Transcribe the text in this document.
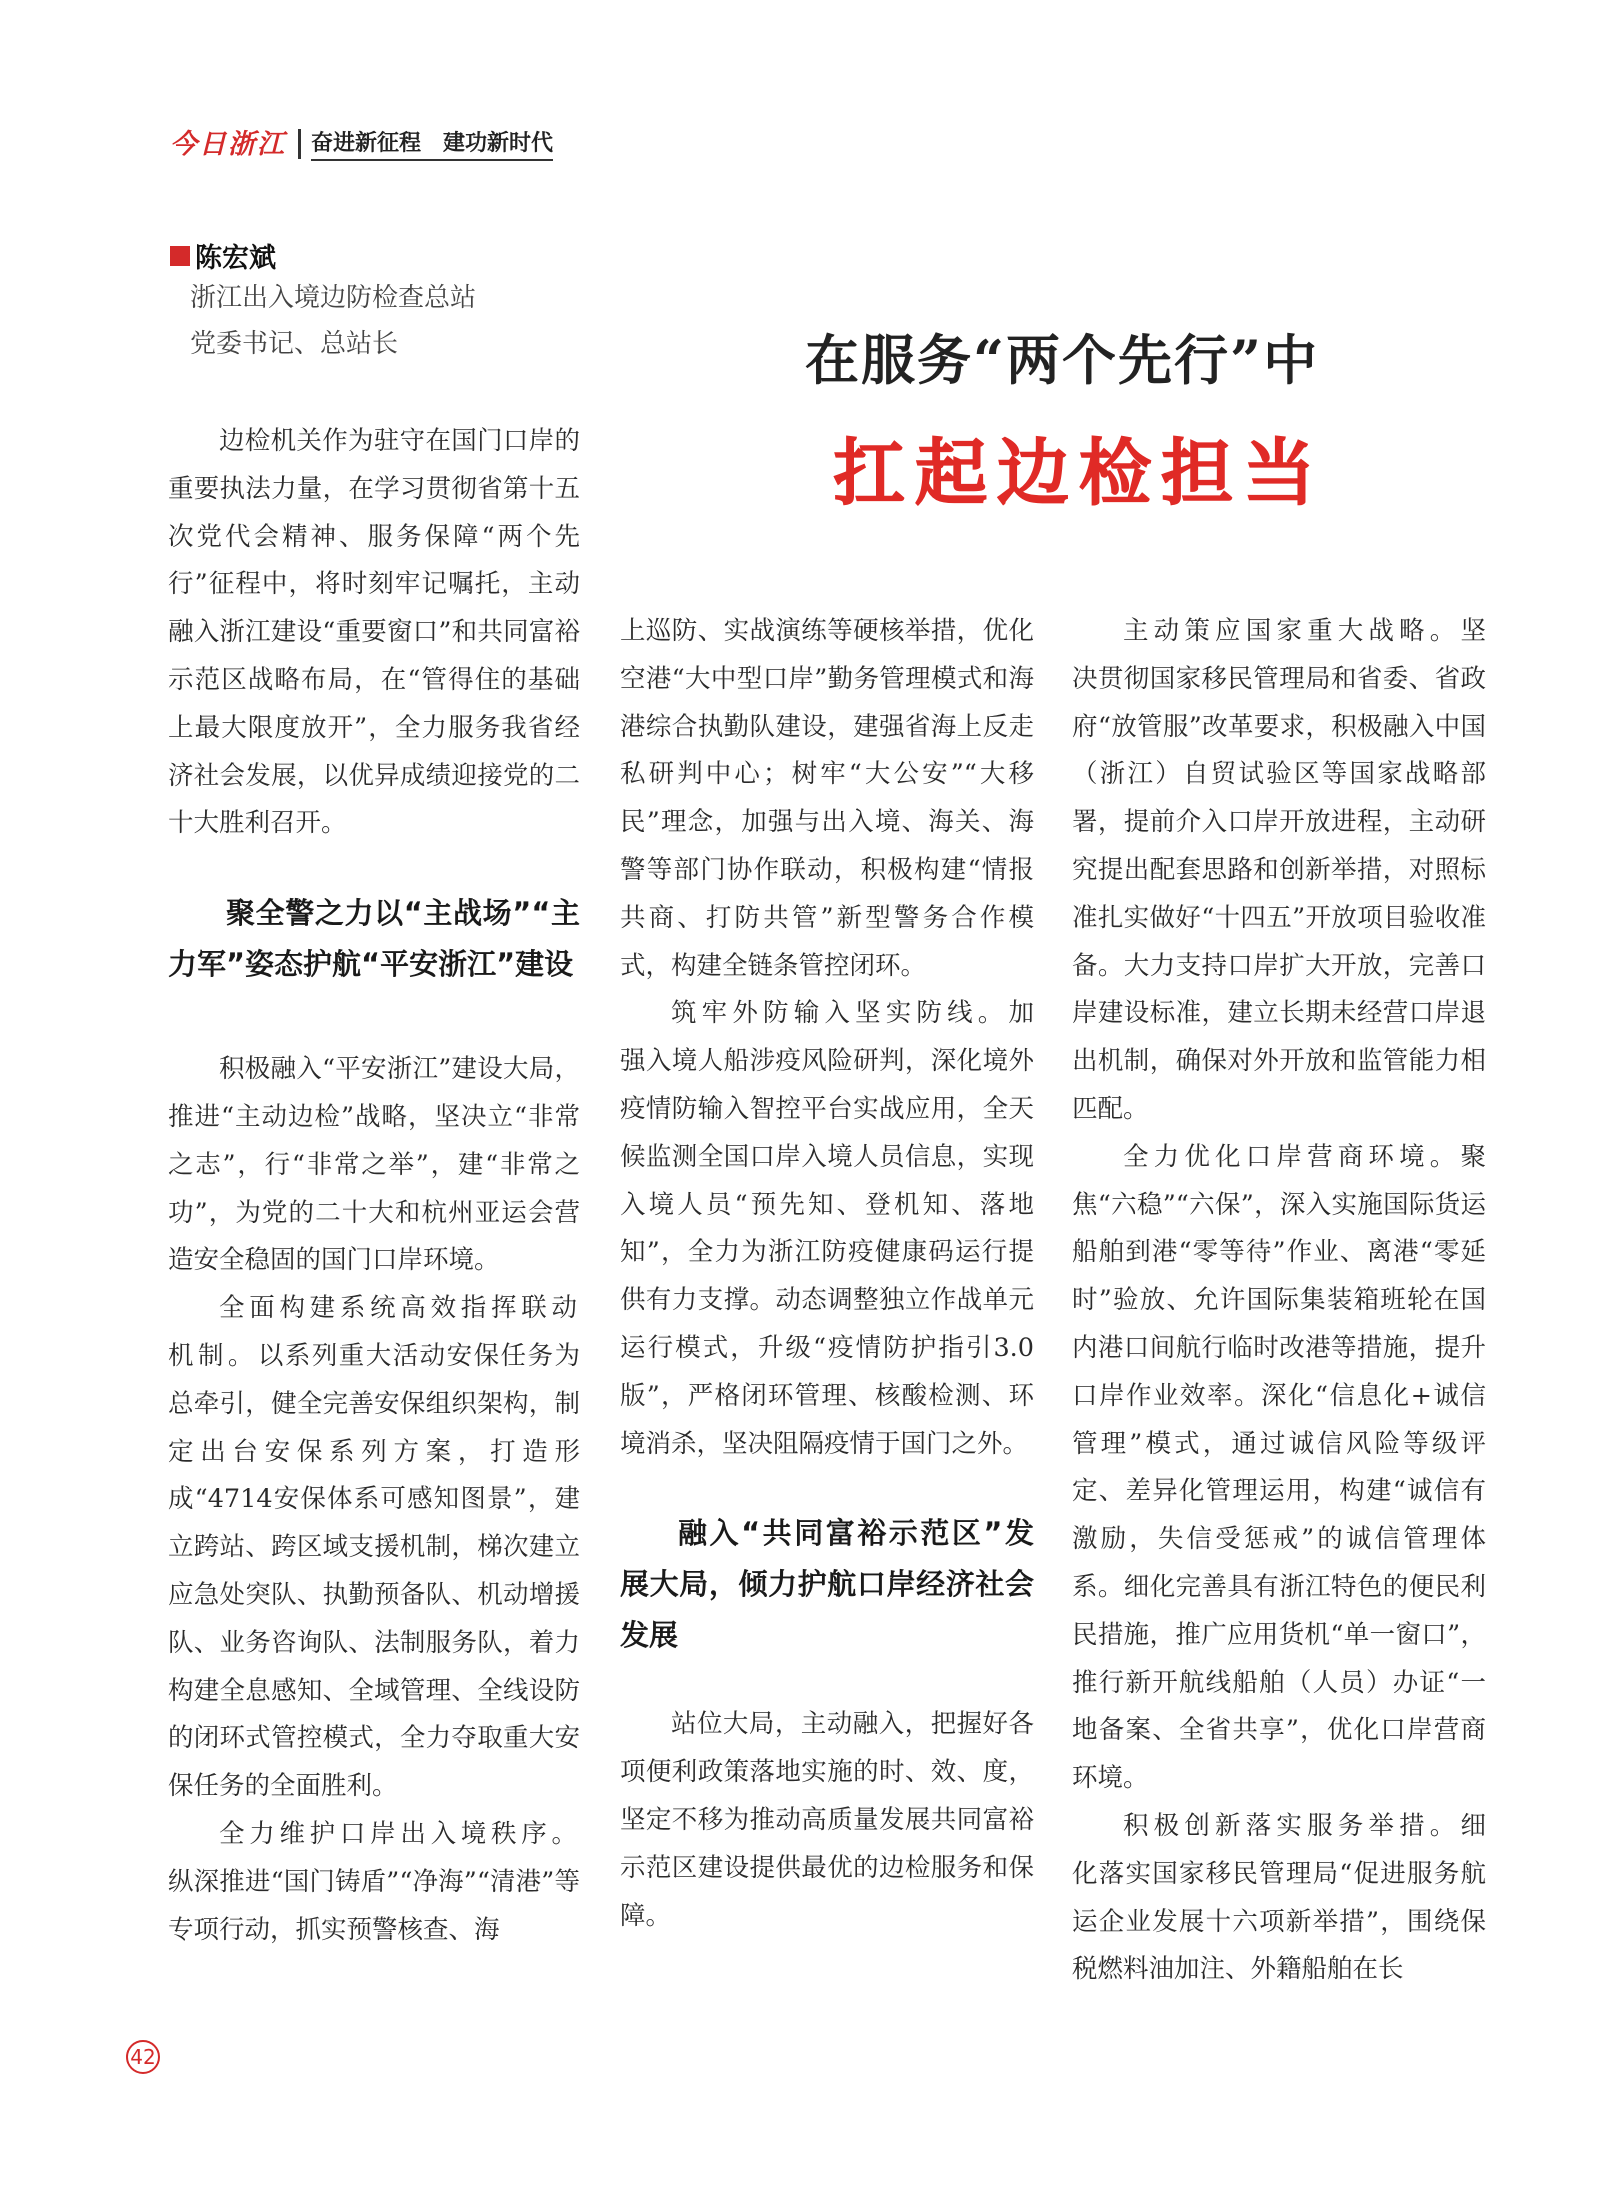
今日浙江 奋进新征程 建功新时代
陈宏斌
浙江出入境边防检查总站
党委书记、总站长	在服务“两个先行”中
扛起边检担当

边检机关作为驻守在国门口岸的重要执法力量，在学习贯彻省第十五次党代会精神、服务保障“两个先行”征程中，将时刻牢记嘱托，主动融入浙江建设“重要窗口”和共同富裕示范区战略布局，在“管得住的基础上最大限度放开”，全力服务我省经济社会发展，以优异成绩迎接党的二十大胜利召开。

聚全警之力以“主战场”“主力军”姿态护航“平安浙江”建设

积极融入“平安浙江”建设大局，推进“主动边检”战略，坚决立“非常之志”，行“非常之举”，建“非常之功”，为党的二十大和杭州亚运会营造安全稳固的国门口岸环境。

全面构建系统高效指挥联动机制。以系列重大活动安保任务为总牵引，健全完善安保组织架构，制定出台安保系列方案，打造形成“4714安保体系可感知图景”，建立跨站、跨区域支援机制，梯次建立应急处突队、执勤预备队、机动增援队、业务咨询队、法制服务队，着力构建全息感知、全域管理、全线设防的闭环式管控模式，全力夺取重大安保任务的全面胜利。

全力维护口岸出入境秩序。纵深推进“国门铸盾”“净海”“清港”等专项行动，抓实预警核查、海

上巡防、实战演练等硬核举措，优化空港“大中型口岸”勤务管理模式和海港综合执勤队建设，建强省海上反走私研判中心；树牢“大公安”“大移民”理念，加强与出入境、海关、海警等部门协作联动，积极构建“情报共商、打防共管”新型警务合作模式，构建全链条管控闭环。

筑牢外防输入坚实防线。加强入境人船涉疫风险研判，深化境外疫情防输入智控平台实战应用，全天候监测全国口岸入境人员信息，实现入境人员“预先知、登机知、落地知”，全力为浙江防疫健康码运行提供有力支撑。动态调整独立作战单元运行模式，升级“疫情防护指引3.0版”，严格闭环管理、核酸检测、环境消杀，坚决阻隔疫情于国门之外。

融入“共同富裕示范区”发展大局，倾力护航口岸经济社会发展

站位大局，主动融入，把握好各项便利政策落地实施的时、效、度，坚定不移为推动高质量发展共同富裕示范区建设提供最优的边检服务和保障。

主动策应国家重大战略。坚决贯彻国家移民管理局和省委、省政府“放管服”改革要求，积极融入中国（浙江）自贸试验区等国家战略部署，提前介入口岸开放进程，主动研究提出配套思路和创新举措，对照标准扎实做好“十四五”开放项目验收准备。大力支持口岸扩大开放，完善口岸建设标准，建立长期未经营口岸退出机制，确保对外开放和监管能力相匹配。

全力优化口岸营商环境。聚焦“六稳”“六保”，深入实施国际货运船舶到港“零等待”作业、离港“零延时”验放、允许国际集装箱班轮在国内港口间航行临时改港等措施，提升口岸作业效率。深化“信息化+诚信管理”模式，通过诚信风险等级评定、差异化管理运用，构建“诚信有激励，失信受惩戒”的诚信管理体系。细化完善具有浙江特色的便民利民措施，推广应用货机“单一窗口”，推行新开航线船舶（人员）办证“一地备案、全省共享”，优化口岸营商环境。

积极创新落实服务举措。细化落实国家移民管理局“促进服务航运企业发展十六项新举措”，围绕保税燃料油加注、外籍船舶在长

42
